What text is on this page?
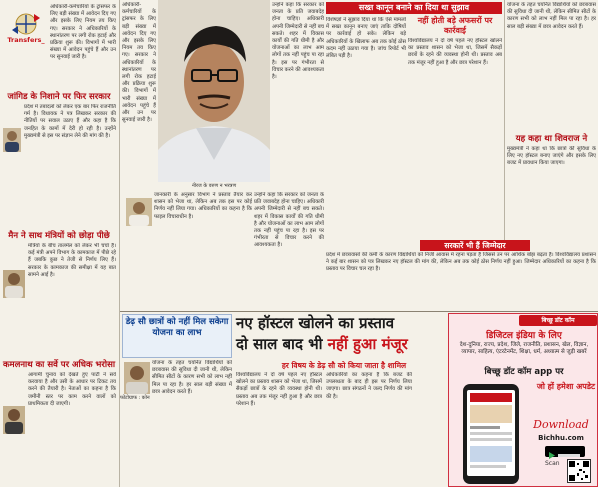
Transfers_
अधिकारी-कर्मचारियों के ट्रांसफर के लिए बड़ी संख्या में आवेदन दिए गए और इसके लिए नियम तय किए गए। सरकार ने अधिकारियों के स्थानांतरण पर लगी रोक हटाई और प्रक्रिया शुरू की। विभागों में भारी संख्या में आवेदन पहुंचे हैं और उन पर सुनवाई जारी है।
जांगिड के निशाने पर फिर सरकार
प्रदेश में तबादलों को लेकर एक बार फिर राजनीति गर्म है। विधायक ने पत्र लिखकर सरकार की नीतियों पर सवाल उठाए हैं और कहा है कि जनहित के कामों में देरी हो रही है। उन्होंने मुख्यमंत्री से इस पर संज्ञान लेने की मांग की है।
मैन ने साथ मंत्रियों को छोड़ा पीछे
मंत्रियों के बीच तालमेल को लेकर भी चर्चा है। कई मंत्री अपने विभाग के कामकाज में पीछे रहे हैं जबकि कुछ ने तेजी से निर्णय लिए हैं। सरकार के कामकाज की समीक्षा में यह बात सामने आई है।
कमलनाथ का सर्वे पर अधिक भरोसा
आगामी चुनाव को देखते हुए पार्टी ने सर्वे करवाया है और उसी के आधार पर टिकट तय करने की तैयारी है। नेताओं का कहना है कि जमीनी स्तर पर काम करने वालों को प्राथमिकता दी जाएगी।
नीरज के वरुण न भरत्रण
उन्होंने कहा कि सरकार को जनता के प्रति जवाबदेह होना चाहिए। अधिकारी अपनी जिम्मेदारी से नहीं बच सकते। शहर में विकास कार्यों की गति धीमी है और योजनाओं का लाभ आम लोगों तक नहीं पहुंच पा रहा है। इस पर गंभीरता से विचार करने की आवश्यकता है।
अधिकारी-कर्मचारियों के ट्रांसफर के लिए बड़ी संख्या में आवेदन दिए गए और इसके लिए नियम तय किए गए। सरकार ने अधिकारियों के स्थानांतरण पर लगी रोक हटाई और प्रक्रिया शुरू की। विभागों में भारी संख्या में आवेदन पहुंचे हैं और उन पर सुनवाई जारी है।
जानकारी के अनुसार विभाग ने प्रस्ताव तैयार कर शासन को भेजा था, लेकिन अब तक इस पर कोई निर्णय नहीं लिया गया। अधिकारियों का कहना है कि फाइल विचाराधीन है।
उन्होंने कहा कि सरकार को जनता के प्रति जवाबदेह होना चाहिए। अधिकारी अपनी जिम्मेदारी से नहीं बच सकते। शहर में विकास कार्यों की गति धीमी है और योजनाओं का लाभ आम लोगों तक नहीं पहुंच पा रहा है। इस पर गंभीरता से विचार करने की आवश्यकता है।
सख्त कानून बनाने का दिया था सुझाव
नहीं होती बड़े अफसरों पर कार्रवाई
विशेषज्ञों ने सुझाव दिया था कि ऐसे मामलों में सख्त कानून बनाए जाएं ताकि दोषियों पर कार्रवाई हो सके। लेकिन बड़े अधिकारियों के खिलाफ अब तक कोई ठोस कदम नहीं उठाया गया है। जांच रिपोर्ट भी लंबित पड़ी है।
विश्वविद्यालय ने दो वर्ष पहले नए हॉस्टल खोलने का प्रस्ताव शासन को भेजा था, जिसमें सैकड़ों छात्रों के रहने की व्यवस्था होनी थी। प्रस्ताव अब तक मंजूर नहीं हुआ है और छात्र परेशान हैं।
योजना के तहत चयनित विद्यार्थियों को छात्रावास की सुविधा दी जानी थी, लेकिन सीमित सीटों के कारण सभी को लाभ नहीं मिल पा रहा है। हर साल बड़ी संख्या में छात्र आवेदन करते हैं।
यह कहा था शिवराज ने
मुख्यमंत्री ने कहा था कि छात्रों की सुविधा के लिए नए हॉस्टल बनाए जाएंगे और इसके लिए बजट में प्रावधान किया जाएगा।
सरकारें भी हैं जिम्मेदार
प्रदेश में छात्रावासों की कमी के कारण विद्यार्थियों को निजी आवास में रहना पड़ता है जिससे उन पर आर्थिक बोझ बढ़ता है। विश्वविद्यालय प्रशासन ने कई बार शासन को पत्र लिखकर नए हॉस्टल की मांग की, लेकिन अब तक कोई ठोस निर्णय नहीं हुआ। जिम्मेदार अधिकारियों का कहना है कि प्रस्ताव पर विचार चल रहा है।
डेढ़ सौ छात्रों को नहीं मिल सकेगा योजना का लाभ
नए हॉस्टल खोलने का प्रस्ताव
दो साल बाद भी नहीं हुआ मंजूर
हर विषय के डेढ़ सौ को किया जाता है शामिल
फोटोग्राफ : कोन
योजना के तहत चयनित विद्यार्थियों को छात्रावास की सुविधा दी जानी थी, लेकिन सीमित सीटों के कारण सभी को लाभ नहीं मिल पा रहा है। हर साल बड़ी संख्या में छात्र आवेदन करते हैं।
विश्वविद्यालय ने दो वर्ष पहले नए हॉस्टल खोलने का प्रस्ताव शासन को भेजा था, जिसमें सैकड़ों छात्रों के रहने की व्यवस्था होनी थी। प्रस्ताव अब तक मंजूर नहीं हुआ है और छात्र परेशान हैं।
अधिकारियों का कहना है कि बजट की उपलब्धता के बाद ही इस पर निर्णय लिया जाएगा। छात्र संगठनों ने जल्द निर्णय की मांग की है।
बिच्छू डॉट कॉम
डिजिटल इंडिया के लिए
देश-दुनिया, राज्य, प्रदेश, जिले, राजनीति, प्रशासन, खेल, विज्ञान, व्यापार, साहित्य, एंटरटेनमेंट, शिक्षा, धर्म, अध्यात्म से जुड़ी खबरें
बिच्छू डॉट कॉम app पर
जो हों हमेशा अपडेट
Download
Bichhu.com
Scan
